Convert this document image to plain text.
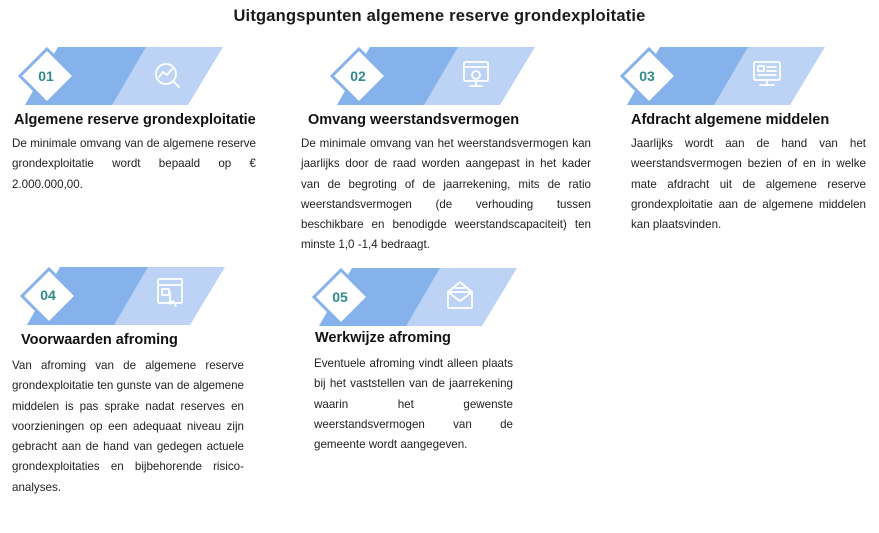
Uitgangspunten algemene reserve grondexploitatie
01
Algemene reserve grondexploitatie
De minimale omvang van de algemene reserve grondexploitatie wordt bepaald op € 2.000.000,00.
02
Omvang weerstandsvermogen
De minimale omvang van het weerstandsvermogen kan jaarlijks door de raad worden aangepast in het kader van de begroting of de jaarrekening, mits de ratio weerstandsvermogen (de verhouding tussen beschikbare en benodigde weerstandscapaciteit) ten minste 1,0 -1,4 bedraagt.
03
Afdracht algemene middelen
Jaarlijks wordt aan de hand van het weerstandsvermogen bezien of en in welke mate afdracht uit de algemene reserve grondexploitatie aan de algemene middelen kan plaatsvinden.
04
Voorwaarden afroming
Van afroming van de algemene reserve grondexploitatie ten gunste van de algemene middelen is pas sprake nadat reserves en voorzieningen op een adequaat niveau zijn gebracht aan de hand van gedegen actuele grondexploitaties en bijbehorende risico-analyses.
05
Werkwijze afroming
Eventuele afroming vindt alleen plaats bij het vaststellen van de jaarrekening waarin het gewenste weerstandsvermogen van de gemeente wordt aangegeven.
